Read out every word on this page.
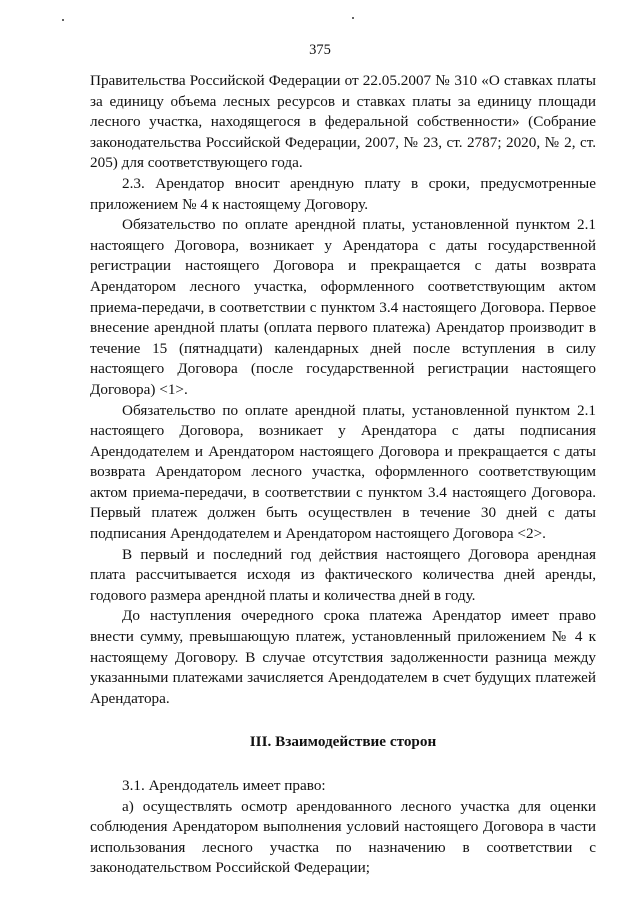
375

Правительства Российской Федерации от 22.05.2007 № 310 «О ставках платы за единицу объема лесных ресурсов и ставках платы за единицу площади лесного участка, находящегося в федеральной собственности» (Собрание законодательства Российской Федерации, 2007, № 23, ст. 2787; 2020, № 2, ст. 205) для соответствующего года.

2.3. Арендатор вносит арендную плату в сроки, предусмотренные приложением № 4 к настоящему Договору.

Обязательство по оплате арендной платы, установленной пунктом 2.1 настоящего Договора, возникает у Арендатора с даты государственной регистрации настоящего Договора и прекращается с даты возврата Арендатором лесного участка, оформленного соответствующим актом приема-передачи, в соответствии с пунктом 3.4 настоящего Договора. Первое внесение арендной платы (оплата первого платежа) Арендатор производит в течение 15 (пятнадцати) календарных дней после вступления в силу настоящего Договора (после государственной регистрации настоящего Договора) <1>.

Обязательство по оплате арендной платы, установленной пунктом 2.1 настоящего Договора, возникает у Арендатора с даты подписания Арендодателем и Арендатором настоящего Договора и прекращается с даты возврата Арендатором лесного участка, оформленного соответствующим актом приема-передачи, в соответствии с пунктом 3.4 настоящего Договора. Первый платеж должен быть осуществлен в течение 30 дней с даты подписания Арендодателем и Арендатором настоящего Договора <2>.

В первый и последний год действия настоящего Договора арендная плата рассчитывается исходя из фактического количества дней аренды, годового размера арендной платы и количества дней в году.

До наступления очередного срока платежа Арендатор имеет право внести сумму, превышающую платеж, установленный приложением № 4 к настоящему Договору. В случае отсутствия задолженности разница между указанными платежами зачисляется Арендодателем в счет будущих платежей Арендатора.

III. Взаимодействие сторон

3.1. Арендодатель имеет право:

а) осуществлять осмотр арендованного лесного участка для оценки соблюдения Арендатором выполнения условий настоящего Договора в части использования лесного участка по назначению в соответствии с законодательством Российской Федерации;
